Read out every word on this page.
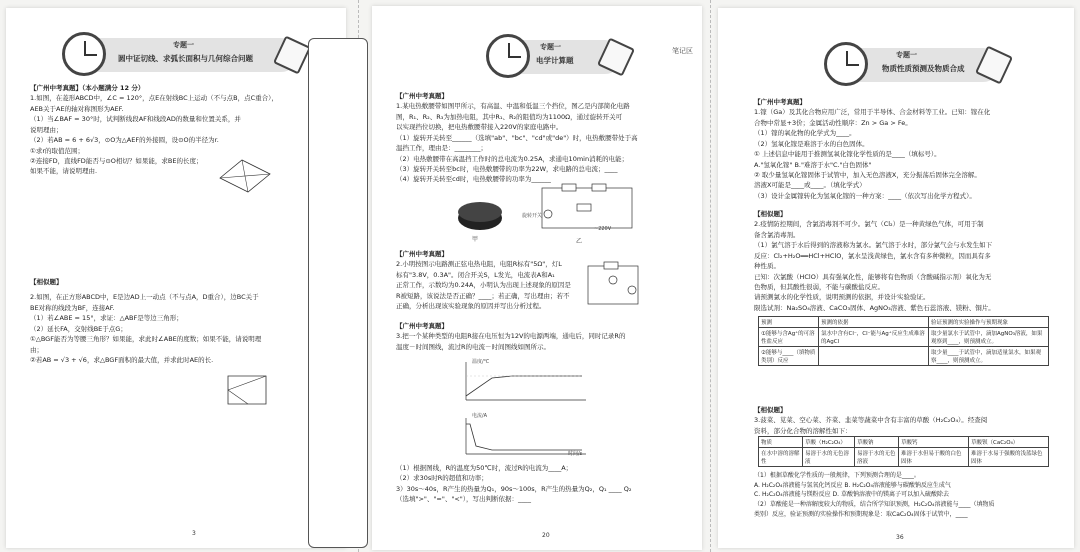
专题一
圆中证切线、求弧长面积与几何综合问题

【广州中考真题】（本小题满分 12 分）

1.如图，在菱形ABCD中，∠C = 120°，点E在射线BC上运动（不与点B，点C重合），

AEB关于AE的轴对称图形为AEF.

（1）当∠BAF = 30°时，试判断线段AF和线段AD的数量和位置关系，并

说明理由；

（2）若AB = 6 + 6√3，⊙O为△AEF的外接圆，设⊙O的半径为r.

①求r的取值范围；

②连接FD，直线FD能否与⊙O相切？如果能，求BE的长度；

如果不能，请说明理由.

【相似题】

2.如图，在正方形ABCD中，E是边AD上一动点（不与点A，D重合），边BC关于

BE对称的线段为BF，连接AF.

（1）若∠ABE = 15°，求证：△ABF是等边三角形；

（2）延长FA，交射线BE于点G；

①△BGF能否为等腰三角形？如果能，求此时∠ABE的度数；如果不能，请说明理

由；

②若AB = √3 + √6，求△BGF面积的最大值，并求此时AE的长.

3
专题一
电学计算题

【广州中考真题】

1.某电热敷腰带如图甲所示，有高温、中温和低温三个挡位，图乙是内部简化电路

图，R₁、R₂、R₃为加热电阻，其中R₁、R₂的阻值均为1100Ω，通过旋转开关可

以实现挡位切换，把电热敷腰带接入220V的家庭电路中。

（1）旋转开关转至______（选填"ab"、"bc"、"cd"或"de"）时，电热敷腰带处于高

温挡工作，理由是：________；

（2）电热敷腰带在高温挡工作时的总电流为0.25A，求通电10min消耗的电能；

（3）旋转开关转至bc时，电热敷腰带的功率为22W，求电路的总电流；____

（4）旋转开关转至cd时，电热敷腰带的功率为______

甲
旋转开关
~220V
乙

【广州中考真题】

2.小明按图示电路测正弦电热电阻，电阻R标有"5Ω"，灯L

标有"3.8V，0.3A"。闭合开关S，L发光，电流表A和A₁

正常工作，示数均为0.24A，小明认为出现上述现象的原因是

R被短路，该说法是否正确？____；若正确，写出理由；若不

正确，分析出现该实验现象的原因并写出分析过程。

【广州中考真题】

3.把一个某种类型的电阻R接在电压恒为12V的电源两端，通电后，同时记录R的

温度－时间图线，流过R的电流－时间图线如图所示。

温度/℃
电流/A
时间/s

（1）根据图线，R的温度为50℃时，流过R的电流为____A；

（2）求30s时R的超值和功率；

3）30s～40s，R产生的热量为Q₁，90s～100s，R产生的热量为Q₂，Q₁ ____ Q₂

（选填">"、"="、"<"），写出判断依据：____

20
笔记区	专题一
物质性质预测及物质合成

【广州中考真题】

1.镓（Ga）及其化合物应用广泛，常用于半导体、合金材料等工业。已知：镓在化

合物中常显+3价；金属活动性顺序：Zn > Ga > Fe。

（1）镓的氧化物的化学式为____。

（2）氢氧化镓是难溶于水的白色固体。

① 上述信息中能用于推测氢氧化镓化学性质的是____（填标号）。

A."氢氧化镓" B."难溶于水"C."白色固体"

② 取少量氢氧化镓固体于试管中，加入无色溶液X，充分振荡后固体完全溶解。

溶液X可能是____或____。（填化学式）

（3）设计金属镓转化为氢氧化镓的一种方案：____（依次写出化学方程式）。

【相似题】

2.疫情防控期间，含氯消毒剂不可少。氯气（Cl₂）是一种黄绿色气体，可用于制

备含氯消毒剂。

（1）氯气溶于水后得到的溶液称为氯水。氯气溶于水时，部分氯气会与水发生如下

反应：Cl₂+H₂O══HCl+HClO，氯水呈浅黄绿色，氯水含有多种微粒，因而具有多

种性质。

已知：次氯酸（HClO）具有强氧化性，能够将有色物质（含酸碱指示剂）氧化为无

色物质，但其酸性很弱，不能与碳酸盐反应。

请预测氯水的化学性质，说明预测的依据，并设计实验验证。

限选试剂：Na₂SO₄溶液、CaCO₃固体、AgNO₃溶液、紫色石蕊溶液、镁粉、铜片。

预测	预测的依据	验证预测的实验操作与预期现象
①能够与含Ag⁺的可溶性盐反应	氯水中含有Cl⁻，Cl⁻能与Ag⁺反应生成难溶的AgCl	取少量氯水于试管中，滴加AgNO₃溶液，如果观察到____，则预测成立。
②能够与____（填物质类别）反应		取少量____于试管中，滴加适量氯水，如果观察____，则预测成立。

【相似题】

3.菠菜、苋菜、空心菜、芥菜、韭菜等蔬菜中含有丰富的草酸（H₂C₂O₄）。经查阅

资料，部分化合物的溶解性如下：

物质	草酸（H₂C₂O₄）	草酸钠	草酸钙	草酸钡（CaC₂O₄）
在水中溶的溶解性	易溶于水的无色溶液	易溶于水的无色溶液	难溶于水但易于酸的白色固体	难溶于水易于强酸的浅蓝绿色固体

（1）根据草酸化学性质的一般规律，下列预测合理的是____。

A. H₂C₂O₄溶液能与氢氧化钙反应 B. H₂C₂O₄溶液能够与碳酸钠反应生成气

C. H₂C₂O₄溶液能与镁粉反应 D. 草酸钠溶液中的镁离子可以加入硫酸除去

（2）草酸能是一种溶解度较大的物质，结合所学知识预测，H₂C₂O₄溶液能与____（填物质

类别）反应，验证预测的实验操作和预期现象是：取CaC₂O₄固体于试管中，____

36
